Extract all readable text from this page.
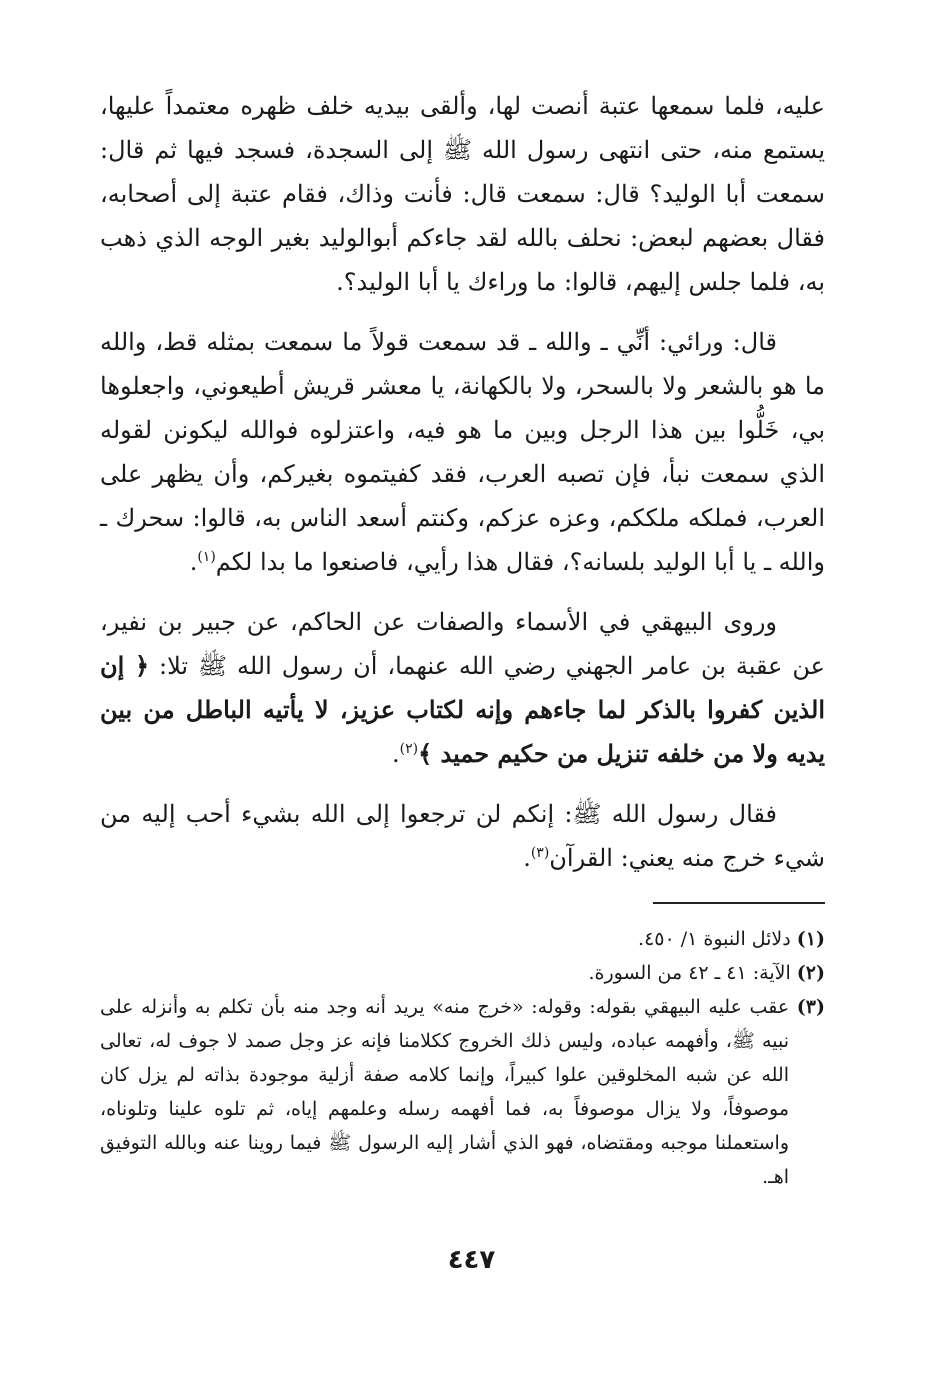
عليه، فلما سمعها عتبة أنصت لها، وألقى بيديه خلف ظهره معتمداً عليها، يستمع منه، حتى انتهى رسول الله ﷺ إلى السجدة، فسجد فيها ثم قال: سمعت أبا الوليد؟ قال: سمعت قال: فأنت وذاك، فقام عتبة إلى أصحابه، فقال بعضهم لبعض: نحلف بالله لقد جاءكم أبوالوليد بغير الوجه الذي ذهب به، فلما جلس إليهم، قالوا: ما وراءك يا أبا الوليد؟.

قال: ورائي: أنِّي ـ والله ـ قد سمعت قولاً ما سمعت بمثله قط، والله ما هو بالشعر ولا بالسحر، ولا بالكهانة، يا معشر قريش أطيعوني، واجعلوها بي، خَلُّوا بين هذا الرجل وبين ما هو فيه، واعتزلوه فوالله ليكونن لقوله الذي سمعت نبأ، فإن تصبه العرب، فقد كفيتموه بغيركم، وأن يظهر على العرب، فملكه ملككم، وعزه عزكم، وكنتم أسعد الناس به، قالوا: سحرك ـ والله ـ يا أبا الوليد بلسانه؟، فقال هذا رأيي، فاصنعوا ما بدا لكم$^{(١)}$.

وروى البيهقي في الأسماء والصفات عن الحاكم، عن جبير بن نفير، عن عقبة بن عامر الجهني رضي الله عنهما، أن رسول الله ﷺ تلا: ﴿ إن الذين كفروا بالذكر لما جاءهم وإنه لكتاب عزيز، لا يأتيه الباطل من بين يديه ولا من خلفه تنزيل من حكيم حميد ﴾$^{(٢)}$.

فقال رسول الله ﷺ: إنكم لن ترجعوا إلى الله بشيء أحب إليه من شيء خرج منه يعني: القرآن$^{(٣)}$.

(١) دلائل النبوة ١/ ٤٥٠.

(٢) الآية: ٤١ ـ ٤٢ من السورة.

(٣) عقب عليه البيهقي بقوله: وقوله: «خرج منه» يريد أنه وجد منه بأن تكلم به وأنزله على نبيه ﷺ، وأفهمه عباده، وليس ذلك الخروج ككلامنا فإنه عز وجل صمد لا جوف له، تعالى الله عن شبه المخلوقين علوا كبيراً، وإنما كلامه صفة أزلية موجودة بذاته لم يزل كان موصوفاً، ولا يزال موصوفاً به، فما أفهمه رسله وعلمهم إياه، ثم تلوه علينا وتلوناه، واستعملنا موجبه ومقتضاه، فهو الذي أشار إليه الرسول ﷺ فيما روينا عنه وبالله التوفيق اهـ.

٤٤٧
